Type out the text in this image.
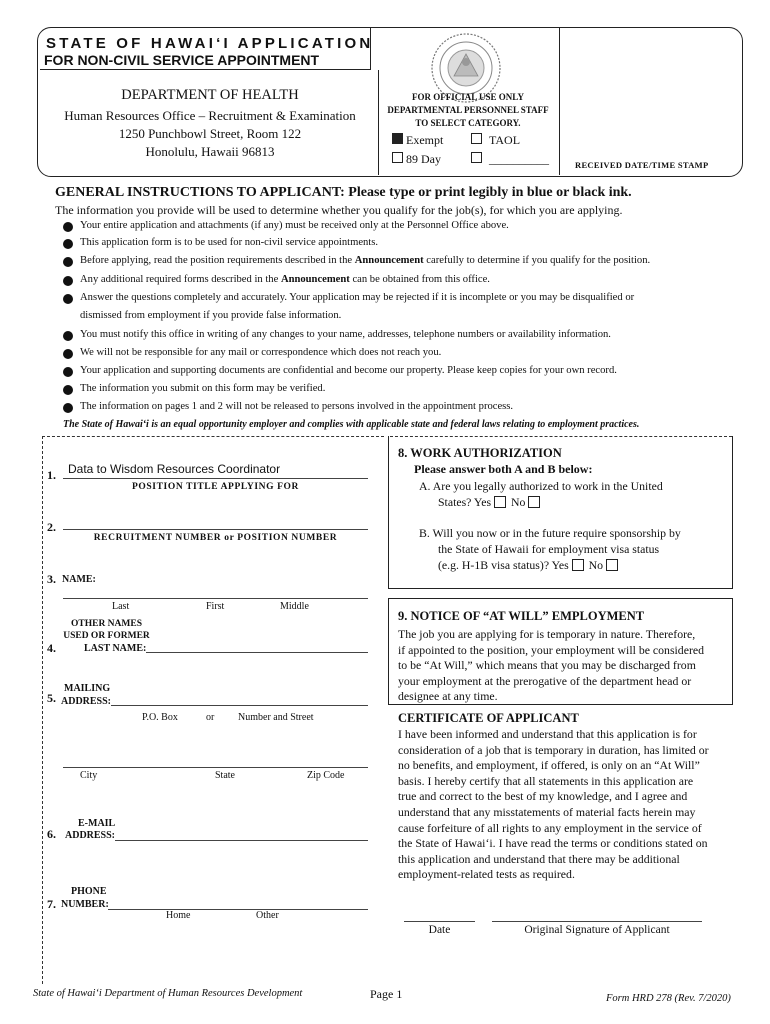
STATE OF HAWAI‘I APPLICATION
FOR NON-CIVIL SERVICE APPOINTMENT
DEPARTMENT OF HEALTH
Human Resources Office – Recruitment & Examination
1250 Punchbowl Street, Room 122
Honolulu, Hawaii 96813
FOR OFFICIAL USE ONLY
DEPARTMENTAL PERSONNEL STAFF
TO SELECT CATEGORY.
Exempt	TAOL
89 Day	__________	RECEIVED DATE/TIME STAMP
GENERAL INSTRUCTIONS TO APPLICANT: Please type or print legibly in blue or black ink.
The information you provide will be used to determine whether you qualify for the job(s), for which you are applying.
Your entire application and attachments (if any) must be received only at the Personnel Office above.
This application form is to be used for non-civil service appointments.
Before applying, read the position requirements described in the Announcement carefully to determine if you qualify for the position.
Any additional required forms described in the Announcement can be obtained from this office.
Answer the questions completely and accurately. Your application may be rejected if it is incomplete or you may be disqualified or
dismissed from employment if you provide false information.
You must notify this office in writing of any changes to your name, addresses, telephone numbers or availability information.
We will not be responsible for any mail or correspondence which does not reach you.
Your application and supporting documents are confidential and become our property. Please keep copies for your own record.
The information you submit on this form may be verified.
The information on pages 1 and 2 will not be released to persons involved in the appointment process.
The State of Hawai‘i is an equal opportunity employer and complies with applicable state and federal laws relating to employment practices.
1. Data to Wisdom Resources Coordinator
POSITION TITLE APPLYING FOR
2.
RECRUITMENT NUMBER or POSITION NUMBER
3. NAME:
Last	First	Middle
OTHER NAMES
USED OR FORMER
4.	LAST NAME:
MAILING
5. ADDRESS:
P.O. Box	or Number and Street
City	State	Zip Code
E-MAIL
6. ADDRESS:
PHONE
7. NUMBER:
Home	Other
8. WORK AUTHORIZATION
Please answer both A and B below:
A. Are you legally authorized to work in the United
States? Yes No
B. Will you now or in the future require sponsorship by
the State of Hawaii for employment visa status
(e.g. H-1B visa status)? Yes No
9. NOTICE OF “AT WILL” EMPLOYMENT
The job you are applying for is temporary in nature. Therefore,
if appointed to the position, your employment will be considered
to be “At Will,” which means that you may be discharged from
your employment at the prerogative of the department head or
designee at any time.
CERTIFICATE OF APPLICANT
I have been informed and understand that this application is for
consideration of a job that is temporary in duration, has limited or
no benefits, and employment, if offered, is only on an “At Will”
basis. I hereby certify that all statements in this application are
true and correct to the best of my knowledge, and I agree and
understand that any misstatements of material facts herein may
cause forfeiture of all rights to any employment in the service of
the State of Hawai‘i. I have read the terms or conditions stated on
this application and understand that there may be additional
employment-related tests as required.
Date	Original Signature of Applicant
State of Hawai‘i Department of Human Resources Development	Page 1	Form HRD 278 (Rev. 7/2020)
